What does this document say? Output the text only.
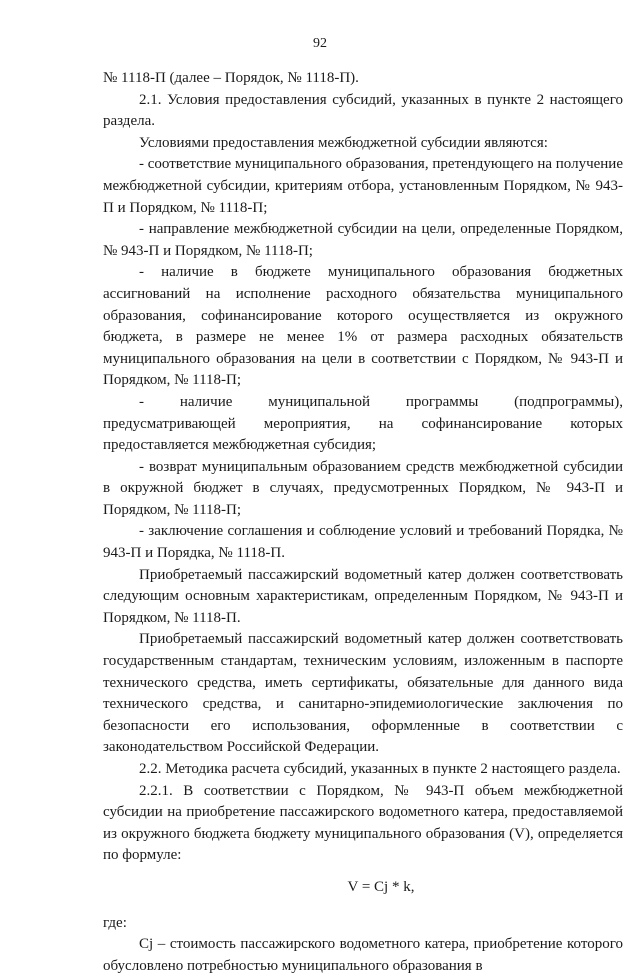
92

№ 1118-П (далее – Порядок, № 1118-П).

2.1. Условия предоставления субсидий, указанных в пункте 2 настоящего раздела.

Условиями предоставления межбюджетной субсидии являются:

- соответствие муниципального образования, претендующего на получение межбюджетной субсидии, критериям отбора, установленным Порядком, № 943-П и Порядком, № 1118-П;

- направление межбюджетной субсидии на цели, определенные Порядком, № 943-П и Порядком, № 1118-П;

- наличие в бюджете муниципального образования бюджетных ассигнований на исполнение расходного обязательства муниципального образования, софинансирование которого осуществляется из окружного бюджета, в размере не менее 1% от размера расходных обязательств муниципального образования на цели в соответствии с Порядком, № 943-П и Порядком, № 1118-П;

- наличие муниципальной программы (подпрограммы), предусматривающей мероприятия, на софинансирование которых предоставляется межбюджетная субсидия;

- возврат муниципальным образованием средств межбюджетной субсидии в окружной бюджет в случаях, предусмотренных Порядком, № 943-П и Порядком, № 1118-П;

- заключение соглашения и соблюдение условий и требований Порядка, № 943-П и Порядка, № 1118-П.

Приобретаемый пассажирский водометный катер должен соответствовать следующим основным характеристикам, определенным Порядком, № 943-П и Порядком, № 1118-П.

Приобретаемый пассажирский водометный катер должен соответствовать государственным стандартам, техническим условиям, изложенным в паспорте технического средства, иметь сертификаты, обязательные для данного вида технического средства, и санитарно-эпидемиологические заключения по безопасности его использования, оформленные в соответствии с законодательством Российской Федерации.

2.2. Методика расчета субсидий, указанных в пункте 2 настоящего раздела.

2.2.1. В соответствии с Порядком, № 943-П объем межбюджетной субсидии на приобретение пассажирского водометного катера, предоставляемой из окружного бюджета бюджету муниципального образования (V), определяется по формуле:

V = Cj * k,

где:

Cj – стоимость пассажирского водометного катера, приобретение которого обусловлено потребностью муниципального образования в
